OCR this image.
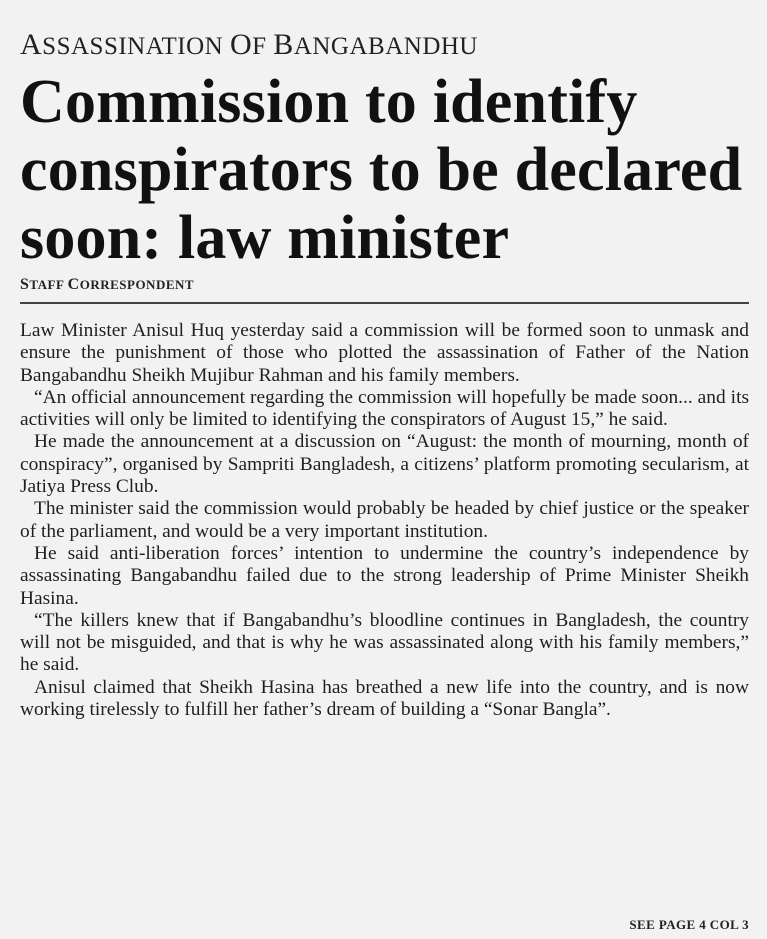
ASSASSINATION OF BANGABANDHU
Commission to identify conspirators to be declared soon: law minister
STAFF CORRESPONDENT

Law Minister Anisul Huq yesterday said a commission will be formed soon to unmask and ensure the punishment of those who plotted the assassination of Father of the Nation Bangabandhu Sheikh Mujibur Rahman and his family members.

“An official announcement regarding the commission will hopefully be made soon... and its activities will only be limited to identifying the conspirators of August 15,” he said.

He made the announcement at a discussion on “August: the month of mourning, month of conspiracy”, organised by Sampriti Bangladesh, a citizens’ platform promoting secularism, at Jatiya Press Club.

The minister said the commission would probably be headed by chief justice or the speaker of the parliament, and would be a very important institution.

He said anti-liberation forces’ intention to undermine the country’s independence by assassinating Bangabandhu failed due to the strong leadership of Prime Minister Sheikh Hasina.

“The killers knew that if Bangabandhu’s bloodline continues in Bangladesh, the country will not be misguided, and that is why he was assassinated along with his family members,” he said.

Anisul claimed that Sheikh Hasina has breathed a new life into the country, and is now working tirelessly to fulfill her father’s dream of building a “Sonar Bangla”.

SEE PAGE 4 COL 3
